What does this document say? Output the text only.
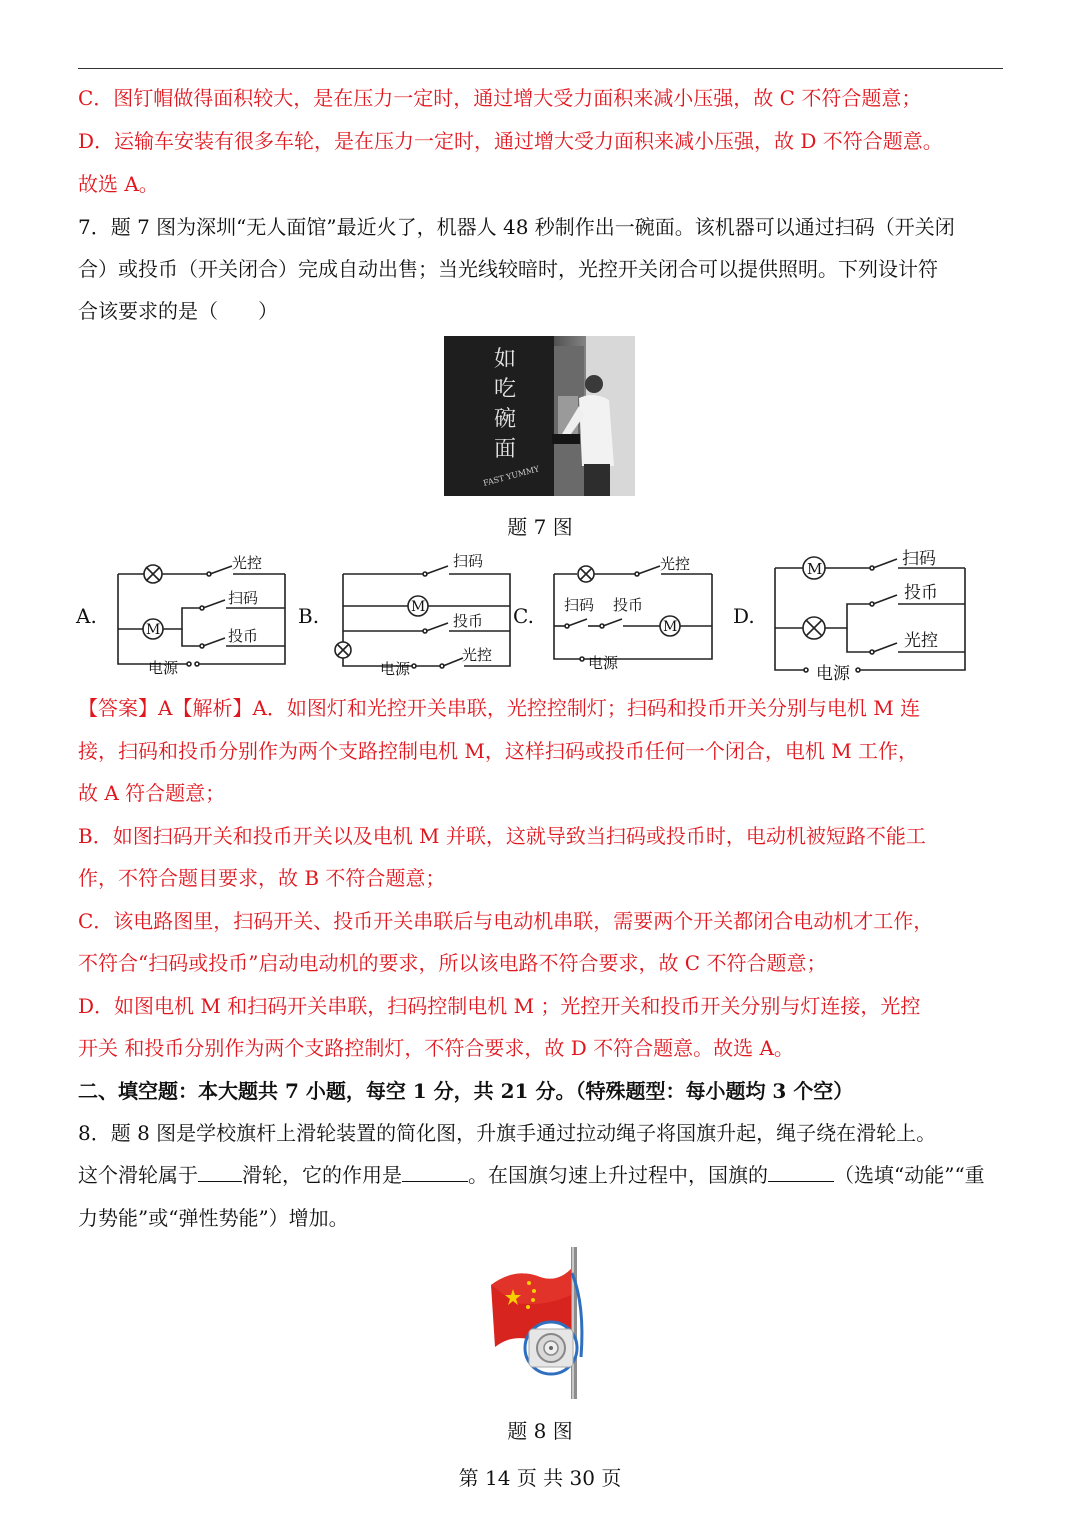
C．图钉帽做得面积较大，是在压力一定时，通过增大受力面积来减小压强，故 C 不符合题意；
D．运输车安装有很多车轮，是在压力一定时，通过增大受力面积来减小压强，故 D 不符合题意。
故选 A。
7．题 7 图为深圳“无人面馆”最近火了，机器人 48 秒制作出一碗面。该机器可以通过扫码（开关闭
合）或投币（开关闭合）完成自动出售；当光线较暗时，光控开关闭合可以提供照明。下列设计符
合该要求的是（　　）
如
吃
碗
面
FAST YUMMY
题 7 图
A.	B.	C.	D.
光控
扫码
投币
电源
M
扫码
投币
电源
光控
M
光控
扫码 投币
电源
M
扫码
投币
光控
电源
M
【答案】A【解析】A．如图灯和光控开关串联，光控控制灯；扫码和投币开关分别与电机 M 连
接，扫码和投币分别作为两个支路控制电机 M，这样扫码或投币任何一个闭合，电机 M 工作，
故 A 符合题意；
B．如图扫码开关和投币开关以及电机 M 并联，这就导致当扫码或投币时，电动机被短路不能工
作，不符合题目要求，故 B 不符合题意；
C．该电路图里，扫码开关、投币开关串联后与电动机串联，需要两个开关都闭合电动机才工作，
不符合“扫码或投币”启动电动机的要求，所以该电路不符合要求，故 C 不符合题意；
D．如图电机 M 和扫码开关串联，扫码控制电机 M ；光控开关和投币开关分别与灯连接，光控
开关 和投币分别作为两个支路控制灯，不符合要求，故 D 不符合题意。故选 A。
二、填空题：本大题共 7 小题，每空 1 分，共 21 分。（特殊题型：每小题均 3 个空）
8．题 8 图是学校旗杆上滑轮装置的简化图，升旗手通过拉动绳子将国旗升起，绳子绕在滑轮上。
这个滑轮属于 滑轮，它的作用是	。在国旗匀速上升过程中，国旗的	（选填“动能”“重
力势能”或“弹性势能”）增加。
题 8 图
第 14 页 共 30 页
